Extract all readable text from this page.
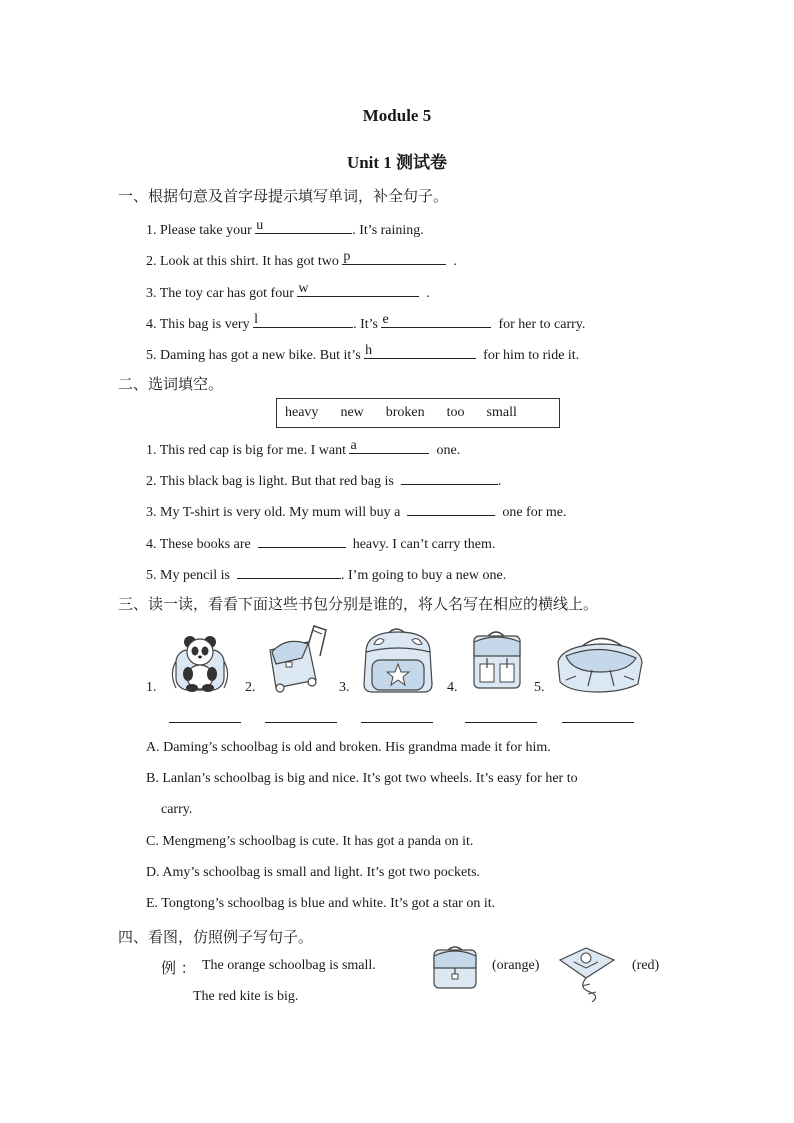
Module 5
Unit 1 测试卷
一、根据句意及首字母提示填写单词，补全句子。
1. Please take your u	. It’s raining.
2. Look at this shirt. It has got two p	.
3. The toy car has got four w	.
4. This bag is very l	. It’s e	for her to carry.
5. Daming has got a new bike. But it’s h	for him to ride it.
二、选词填空。
heavy new broken too small
1. This red cap is big for me. I want a	one.
2. This black bag is light. But that red bag is	.
3. My T-shirt is very old. My mum will buy a	one for me.
4. These books are	heavy. I can’t carry them.
5. My pencil is	. I’m going to buy a new one.
三、读一读，看看下面这些书包分别是谁的，将人名写在相应的横线上。
1.	2.	3.	4.	5.
A. Daming’s schoolbag is old and broken. His grandma made it for him.
B. Lanlan’s schoolbag is big and nice. It’s got two wheels. It’s easy for her to
carry.
C. Mengmeng’s schoolbag is cute. It has got a panda on it.
D. Amy’s schoolbag is small and light. It’s got two pockets.
E. Tongtong’s schoolbag is blue and white. It’s got a star on it.
四、看图，仿照例子写句子。
例 ： The orange schoolbag is small.	(orange)	(red)
The red kite is big.
